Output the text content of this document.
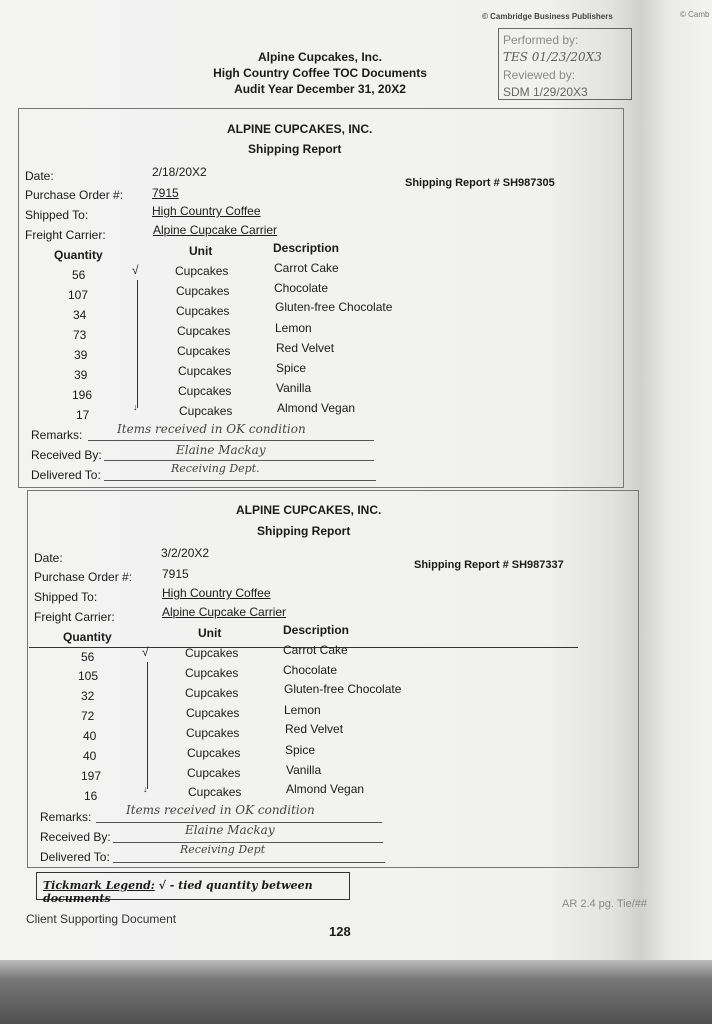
© Cambridge Business Publishers	© Camb
Performed by:
TES 01/23/20X3
Reviewed by:
SDM 1/29/20X3
Alpine Cupcakes, Inc.
High Country Coffee TOC Documents
Audit Year December 31, 20X2
ALPINE CUPCAKES, INC.
Shipping Report
Date:	2/18/20X2
Purchase Order #: 7915
Shipped To:	High Country Coffee
Freight Carrier:	Alpine Cupcake Carrier
Shipping Report # SH987305
Quantity	Unit	Description
√
↓
56	Cupcakes	Carrot Cake
107	Cupcakes	Chocolate
34	Cupcakes	Gluten-free Chocolate
73	Cupcakes	Lemon
39	Cupcakes	Red Velvet
39	Cupcakes	Spice
196	Cupcakes	Vanilla
17	Cupcakes	Almond Vegan
Remarks:	Items received in OK condition
Received By:	Elaine Mackay
Delivered To:	Receiving Dept.
ALPINE CUPCAKES, INC.
Shipping Report
Date:	3/2/20X2
Purchase Order #: 7915
Shipped To:	High Country Coffee
Freight Carrier:	Alpine Cupcake Carrier
Shipping Report # SH987337
Quantity	Unit	Description
√
↓
56	Cupcakes	Carrot Cake
105	Cupcakes	Chocolate
32	Cupcakes	Gluten-free Chocolate
72	Cupcakes	Lemon
40	Cupcakes	Red Velvet
40	Cupcakes	Spice
197	Cupcakes	Vanilla
16	Cupcakes	Almond Vegan
Remarks:	Items received in OK condition
Received By:	Elaine Mackay
Delivered To:
Receiving Dept
Tickmark Legend: √ - tied quantity between documents
Client Supporting Document
128
AR 2.4 pg. Tie/##
